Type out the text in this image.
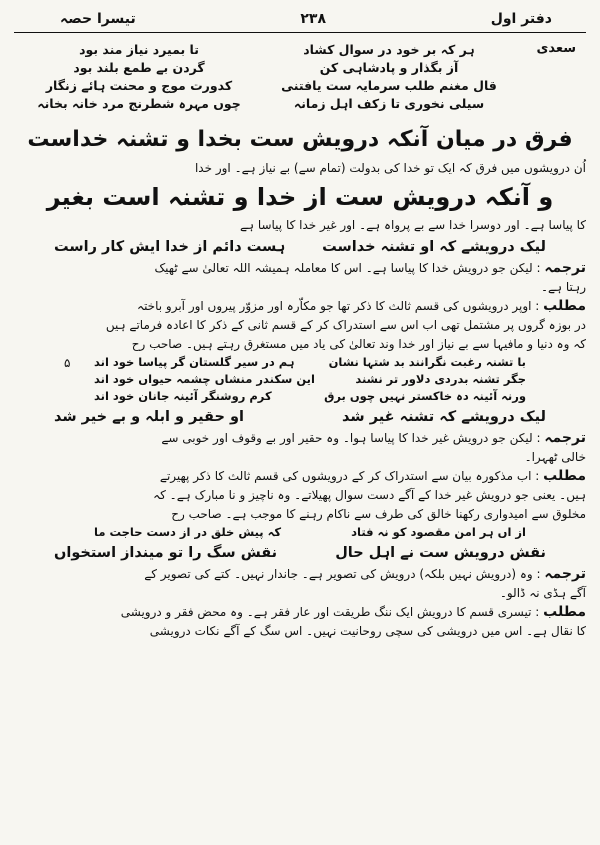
دفتر اول
۲۳۸
تیسرا حصہ
سعدی
ہر کہ بر خود در سوال کشاد
تا بمیرد نیاز مند بود
آز بگذار و پادشاہی کن
گردن بے طمع بلند بود
قال مغنم طلب سرمایہ ست یافتنی
کدورت موج و محنت ہائے زنگار
سیلی نخوری تا زکف اہل زمانہ
چوں مہرہ شطرنج مرد خانہ بخانہ
فرق در میان آنکہ درویش ست بخدا و تشنہ خداست
اُن درویشوں میں فرق کہ ایک تو خدا کی بدولت (تمام سے) بے نیاز ہے۔ اور خدا
و آنکہ درویش ست از خدا و تشنہ است بغیر
کا پیاسا ہے۔ اور دوسرا خدا سے بے پرواہ ہے۔ اور غیر خدا کا پیاسا ہے
لیک درویشے کہ او تشنہ خداست
ہست دائم از خدا ایش کار راست
ترجمہ : لیکن جو درویش خدا کا پیاسا ہے۔ اس کا معاملہ ہمیشہ اللہ تعالیٰ سے ٹھیک
رہتا ہے۔
مطلب : اوپر درویشوں کی قسم ثالث کا ذکر تھا جو مکاّرہ اور مزوّر پیروں اور آبرو باختہ
در بوزہ گروں پر مشتمل تھی اب اس سے استدراک کر کے قسم ثانی کے ذکر کا اعادہ فرماتے ہیں
کہ وہ دنیا و مافیہا سے بے نیاز اور خدا وند تعالیٰ کی یاد میں مستغرق رہتے ہیں۔ صاحب رح
۵	با تشنہ رغبت نگرانند بد شتہا نشان
ہم در سیر گلستان گر پیاسا خود اند
جگر تشنہ بدردی دلاور تر نشند
این سکندر منشاں چشمہ حیواں خود اند
ورنہ آئینہ دہ خاکستر نہیں چوں برق
کرم روشنگر آئینہ جانان خود اند
لیک درویشے کہ تشنہ غیر شد
او حقیر و ابلہ و بے خیر شد
ترجمہ : لیکن جو درویش غیر خدا کا پیاسا ہوا۔ وہ حقیر اور بے وقوف اور خوبی سے
خالی ٹھہرا۔
مطلب : اب مذکورہ بیان سے استدراک کر کے درویشوں کی قسم ثالث کا ذکر پھیرتے
ہیں۔ یعنی جو درویش غیر خدا کے آگے دست سوال پھیلاتے۔ وہ ناچیز و نا مبارک ہے۔ کہ
مخلوق سے امیدواری رکھنا خالق کی طرف سے ناکام رہنے کا موجب ہے۔ صاحب رح
از اں ہر امن مقصود کو نہ فتاد
کہ پیش خلق در از دست حاجت ما
نقش درویش ست نے اہل حال
نقش سگ را تو مینداز استخواں
ترجمہ : وہ (درویش نہیں بلکہ) درویش کی تصویر ہے۔ جاندار نہیں۔ کتے کی تصویر کے
آگے ہڈی نہ ڈالو۔
مطلب : تیسری قسم کا درویش ایک ننگ طریقت اور عار فقر ہے۔ وہ محض فقر و درویشی
کا نقال ہے۔ اس میں درویشی کی سچی روحانیت نہیں۔ اس سگ کے آگے نکات درویشی
